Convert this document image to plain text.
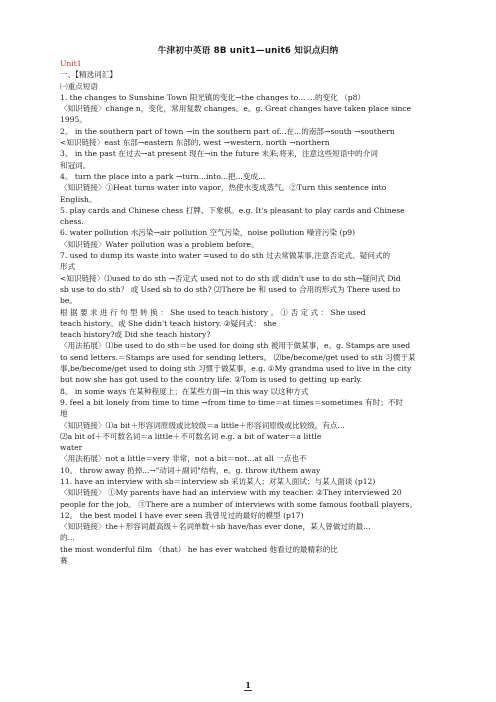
牛津初中英语 8B unit1—unit6 知识点归纳
Unit1
一、【精选词汇】
㈠重点短语
1. the changes to Sunshine Town 阳光镇的变化→the changes to... ...的变化 （p8）
〈知识链接〉change n，变化，常用复数 changes。e。g. Great changes have taken place since
1995。
2。 in the southern part of town →in the southern part of...在...的南部→south →southern
<知识链接〉east 东部→eastern 东部的, west →western, north →northern
3。 in the past 在过去→at present 现在→in the future 未来;将来，注意这些短语中的介词
和冠词。
4。 turn the place into a park →turn...into...把...变成...
〈知识链接〉①Heat turns water into vapor，热使水变成蒸气。②Turn this sentence into
English。
5. play cards and Chinese chess 打牌、下象棋。e.g. It's pleasant to play cards and Chinese
chess.
6. water pollution 水污染→air pollution 空气污染，noise pollution 噪音污染 (p9)
〈知识链接〉Water pollution was a problem before。
7. used to dump its waste into water =used to do sth 过去常做某事,注意否定式、疑问式的
形式
<知识链接〉⑴used to do sth →否定式 used not to do sth 或 didn't use to do sth→疑问式 Did
sb use to do sth？ 或 Used sb to do sth? ⑵There be 和 used to 合用的形式为 There used to
be。
根 据 要 求 进 行 句 型 转 换 ： She used to teach history 。 ① 否 定 式 ： She used
teach history。或 She didn't teach history. ②疑问式： she
teach history?或 Did she teach history?
〈用法拓展〉⑴be used to do sth＝be used for doing sth 被用于做某事，e。g. Stamps are used
to send letters.＝Stamps are used for sending letters。 ⑵be/become/get used to sth 习惯于某
事,be/become/get used to doing sth 习惯于做某事，e.g. ①My grandma used to live in the city
but now she has got used to the country life. ②Tom is used to getting up early.
8。 in some ways 在某种程度上；在某些方面→in this way 以这种方式
9. feel a bit lonely from time to time →from time to time＝at times＝sometimes 有时；不时
地
〈知识链接〉⑴a bit＋形容词原级或比较级＝a little＋形容词原级或比较级，有点...
⑵a bit of＋不可数名词＝a little＋不可数名词 e.g. a bit of water＝a little
water
〈用法拓展〉not a little＝very 非常，not a bit＝not...at all 一点也不
10。 throw away 扔掉...→"动词＋副词"结构，e。g. throw it/them away
11. have an interview with sb＝interview sb 采访某人；对某人面试；与某人面谈 (p12)
〈知识链接〉 ①My parents have had an interview with my teacher. ②They interviewed 20
people for the job。 ③There are a number of interviews with some famous football players。
12。 the best model I have ever seen 我曾见过的最好的模型 (p17)
〈知识链接〉the＋形容词最高级＋名词单数＋sb have/has ever done，某人曾做过的最...
的...
the most wonderful film （that） he has ever watched 他看过的最精彩的比
赛
1
